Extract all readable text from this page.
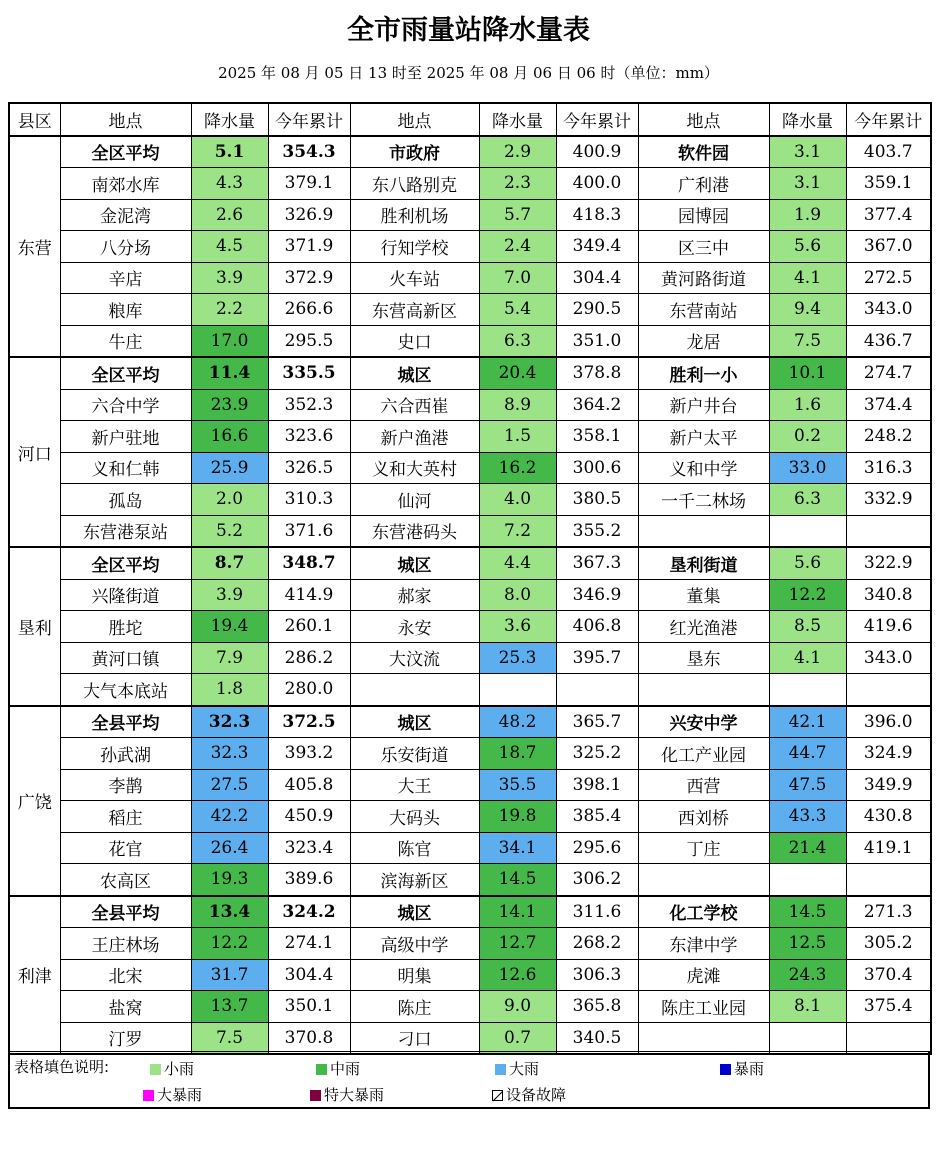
全市雨量站降水量表
2025 年 08 月 05 日 13 时至 2025 年 08 月 06 日 06 时（单位：mm）
县区	地点	降水量	今年累计	地点	降水量	今年累计	地点	降水量	今年累计
东营	全区平均	5.1	354.3	市政府	2.9	400.9	软件园	3.1	403.7
	南郊水库	4.3	379.1	东八路别克	2.3	400.0	广利港	3.1	359.1
	金泥湾	2.6	326.9	胜利机场	5.7	418.3	园博园	1.9	377.4
	八分场	4.5	371.9	行知学校	2.4	349.4	区三中	5.6	367.0
	辛店	3.9	372.9	火车站	7.0	304.4	黄河路街道	4.1	272.5
	粮库	2.2	266.6	东营高新区	5.4	290.5	东营南站	9.4	343.0
	牛庄	17.0	295.5	史口	6.3	351.0	龙居	7.5	436.7
河口	全区平均	11.4	335.5	城区	20.4	378.8	胜利一小	10.1	274.7
	六合中学	23.9	352.3	六合西崔	8.9	364.2	新户井台	1.6	374.4
	新户驻地	16.6	323.6	新户渔港	1.5	358.1	新户太平	0.2	248.2
	义和仁韩	25.9	326.5	义和大英村	16.2	300.6	义和中学	33.0	316.3
	孤岛	2.0	310.3	仙河	4.0	380.5	一千二林场	6.3	332.9
	东营港泵站	5.2	371.6	东营港码头	7.2	355.2			
垦利	全区平均	8.7	348.7	城区	4.4	367.3	垦利街道	5.6	322.9
	兴隆街道	3.9	414.9	郝家	8.0	346.9	董集	12.2	340.8
	胜坨	19.4	260.1	永安	3.6	406.8	红光渔港	8.5	419.6
	黄河口镇	7.9	286.2	大汶流	25.3	395.7	垦东	4.1	343.0
	大气本底站	1.8	280.0						
广饶	全县平均	32.3	372.5	城区	48.2	365.7	兴安中学	42.1	396.0
	孙武湖	32.3	393.2	乐安街道	18.7	325.2	化工产业园	44.7	324.9
	李鹊	27.5	405.8	大王	35.5	398.1	西营	47.5	349.9
	稻庄	42.2	450.9	大码头	19.8	385.4	西刘桥	43.3	430.8
	花官	26.4	323.4	陈官	34.1	295.6	丁庄	21.4	419.1
	农高区	19.3	389.6	滨海新区	14.5	306.2			
利津	全县平均	13.4	324.2	城区	14.1	311.6	化工学校	14.5	271.3
	王庄林场	12.2	274.1	高级中学	12.7	268.2	东津中学	12.5	305.2
	北宋	31.7	304.4	明集	12.6	306.3	虎滩	24.3	370.4
	盐窝	13.7	350.1	陈庄	9.0	365.8	陈庄工业园	8.1	375.4
	汀罗	7.5	370.8	刁口	0.7	340.5			
表格填色说明:	小雨	中雨	大雨	暴雨
大暴雨	特大暴雨	设备故障
